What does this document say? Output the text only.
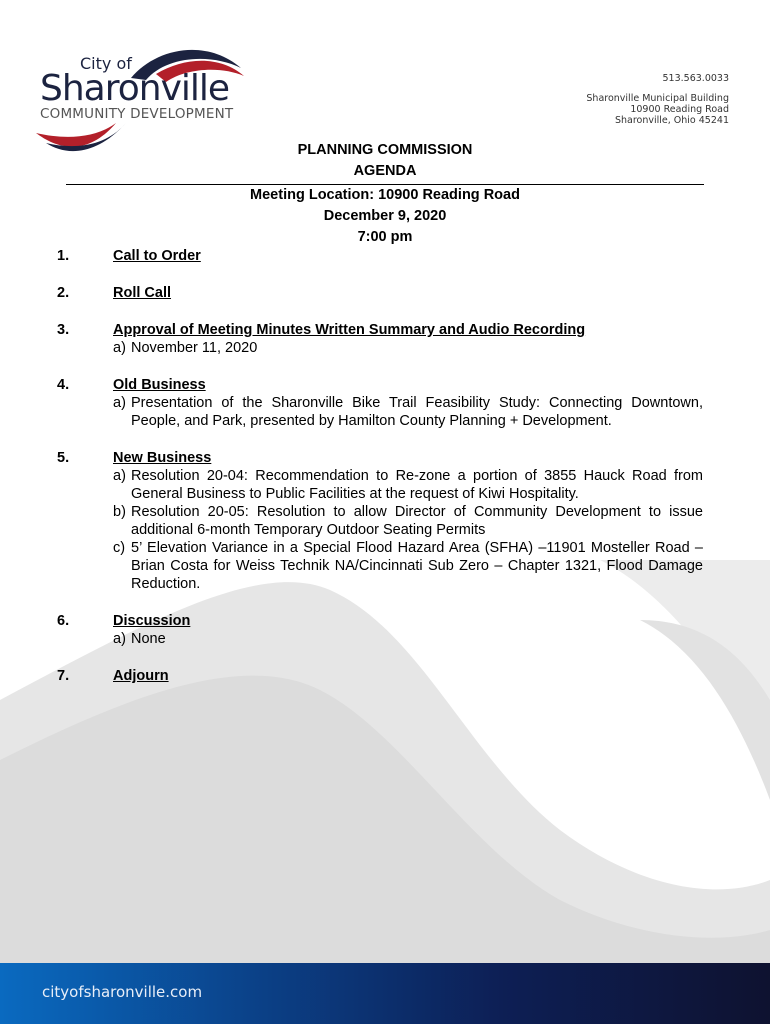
City of
Sharonville
COMMUNITY DEVELOPMENT
513.563.0033
Sharonville Municipal Building
10900 Reading Road
Sharonville, Ohio 45241
PLANNING COMMISSION
AGENDA
Meeting Location: 10900 Reading Road
December 9, 2020
7:00 pm
1.	Call to Order
2.	Roll Call
3.	Approval of Meeting Minutes Written Summary and Audio Recording
a) November 11, 2020
4.	Old Business
a) Presentation of the Sharonville Bike Trail Feasibility Study: Connecting Downtown, People, and Park, presented by Hamilton County Planning + Development.
5.	New Business
a) Resolution 20-04: Recommendation to Re-zone a portion of 3855 Hauck Road from General Business to Public Facilities at the request of Kiwi Hospitality.
b) Resolution 20-05: Resolution to allow Director of Community Development to issue additional 6-month Temporary Outdoor Seating Permits
c) 5’ Elevation Variance in a Special Flood Hazard Area (SFHA) –11901 Mosteller Road – Brian Costa for Weiss Technik NA/Cincinnati Sub Zero – Chapter 1321, Flood Damage Reduction.
6.	Discussion
a) None
7.	Adjourn
cityofsharonville.com
